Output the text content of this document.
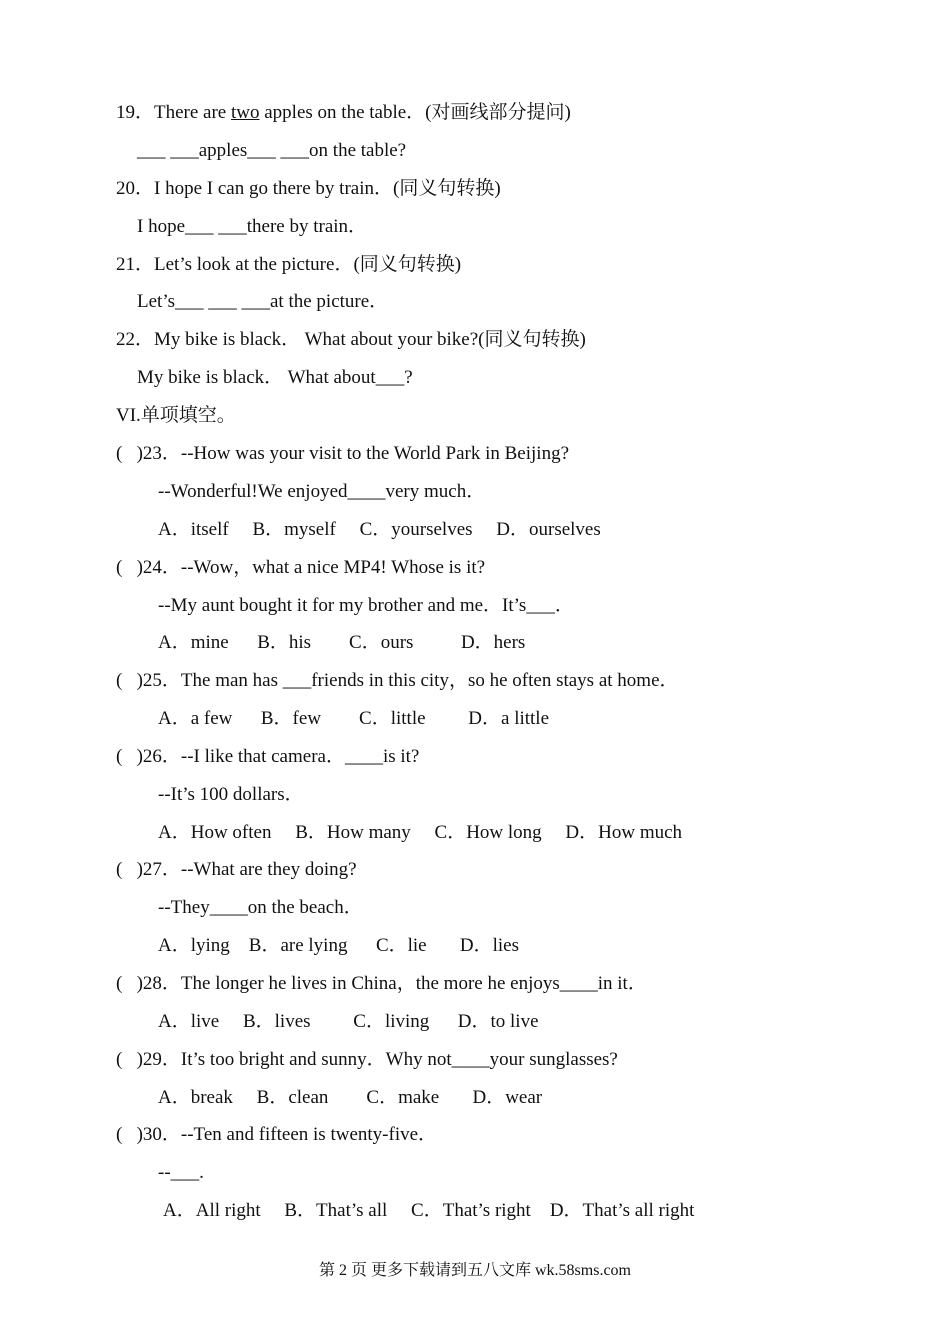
19．There are two apples on the table．(对画线部分提问)
___ ___apples___ ___on the table?
20．I hope I can go there by train．(同义句转换)
I hope___ ___there by train．
21．Let’s look at the picture．(同义句转换)
Let’s___ ___ ___at the picture．
22．My bike is black． What about your bike?(同义句转换)
My bike is black． What about___?
VI.单项填空。
(   )23．--How was your visit to the World Park in Beijing?
--Wonderful!We enjoyed____very much．
A．itself     B．myself     C．yourselves     D．ourselves
(   )24．--Wow，what a nice MP4! Whose is it?
--My aunt bought it for my brother and me．It’s___．
A．mine      B．his        C．ours          D．hers
(   )25．The man has ___friends in this city，so he often stays at home．
A．a few      B．few        C．little         D．a little
(   )26．--I like that camera．____is it?
--It’s 100 dollars．
A．How often     B．How many     C．How long     D．How much
(   )27．--What are they doing?
--They____on the beach．
A．lying    B．are lying      C．lie       D．lies
(   )28．The longer he lives in China，the more he enjoys____in it．
A．live     B．lives         C．living      D．to live
(   )29．It’s too bright and sunny．Why not____your sunglasses?
A．break     B．clean        C．make       D．wear
(   )30．--Ten and fifteen is twenty-five．
--___.
A．All right     B．That’s all     C．That’s right    D．That’s all right
第 2 页 更多下载请到五八文库 wk.58sms.com
